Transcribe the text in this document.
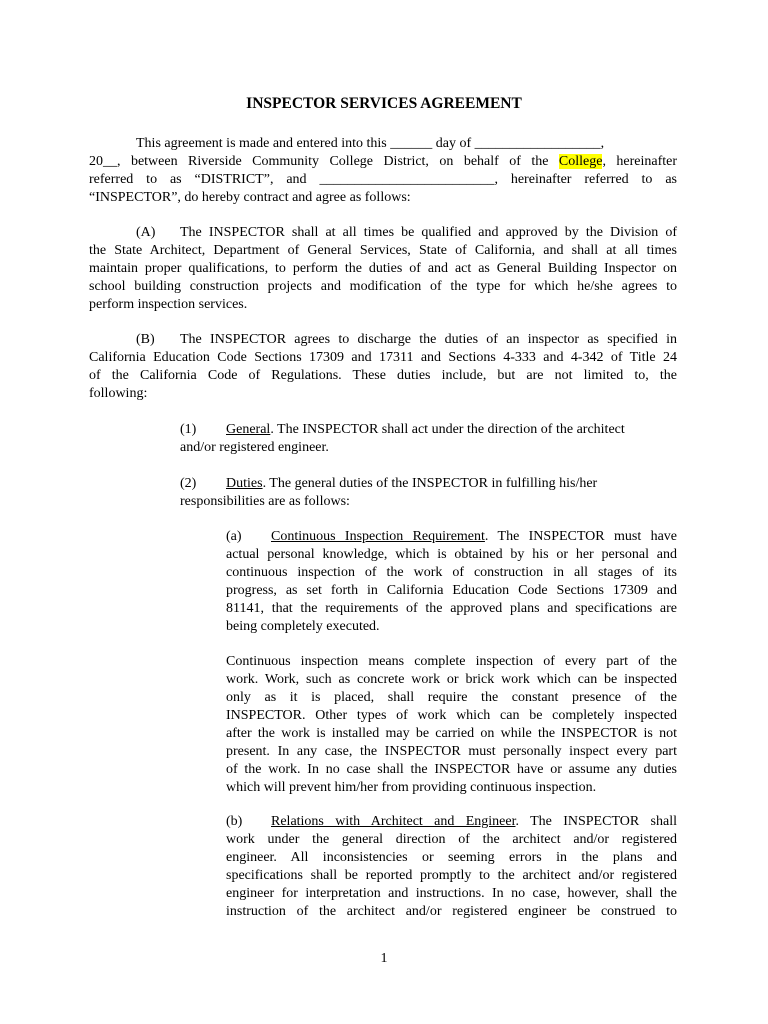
INSPECTOR SERVICES AGREEMENT
This agreement is made and entered into this ______ day of __________________,
20__, between Riverside Community College District, on behalf of the College, hereinafter
referred to as “DISTRICT”, and _________________________, hereinafter referred to as
“INSPECTOR”, do hereby contract and agree as follows:
(A) The INSPECTOR shall at all times be qualified and approved by the Division of
the State Architect, Department of General Services, State of California, and shall at all times
maintain proper qualifications, to perform the duties of and act as General Building Inspector on
school building construction projects and modification of the type for which he/she agrees to
perform inspection services.
(B) The INSPECTOR agrees to discharge the duties of an inspector as specified in
California Education Code Sections 17309 and 17311 and Sections 4-333 and 4-342 of Title 24
of the California Code of Regulations. These duties include, but are not limited to, the
following:
(1) General. The INSPECTOR shall act under the direction of the architect
and/or registered engineer.
(2) Duties. The general duties of the INSPECTOR in fulfilling his/her
responsibilities are as follows:
(a) Continuous Inspection Requirement. The INSPECTOR must have
actual personal knowledge, which is obtained by his or her personal and
continuous inspection of the work of construction in all stages of its
progress, as set forth in California Education Code Sections 17309 and
81141, that the requirements of the approved plans and specifications are
being completely executed.
Continuous inspection means complete inspection of every part of the
work. Work, such as concrete work or brick work which can be inspected
only as it is placed, shall require the constant presence of the
INSPECTOR. Other types of work which can be completely inspected
after the work is installed may be carried on while the INSPECTOR is not
present. In any case, the INSPECTOR must personally inspect every part
of the work. In no case shall the INSPECTOR have or assume any duties
which will prevent him/her from providing continuous inspection.
(b) Relations with Architect and Engineer. The INSPECTOR shall
work under the general direction of the architect and/or registered
engineer. All inconsistencies or seeming errors in the plans and
specifications shall be reported promptly to the architect and/or registered
engineer for interpretation and instructions. In no case, however, shall the
instruction of the architect and/or registered engineer be construed to
1
